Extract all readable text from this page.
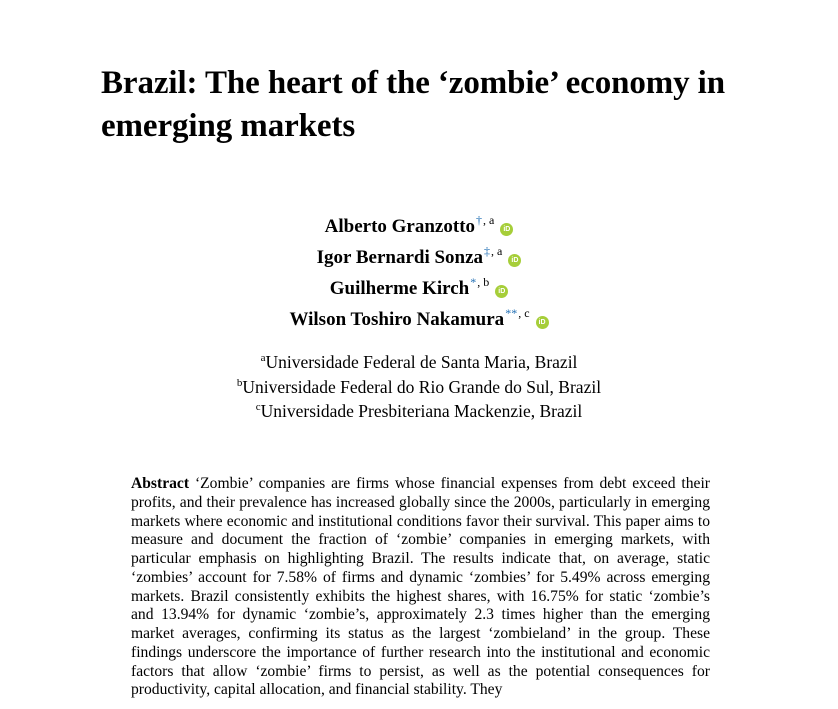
Brazil: The heart of the ‘zombie’ economy in emerging markets
Alberto Granzotto$^{\dagger, a}$iD
Igor Bernardi Sonza$^{\ddagger, a}$iD
Guilherme Kirch$^{*, b}$iD
Wilson Toshiro Nakamura$^{**, c}$iD
$^a$Universidade Federal de Santa Maria, Brazil
$^b$Universidade Federal do Rio Grande do Sul, Brazil
$^c$Universidade Presbiteriana Mackenzie, Brazil

Abstract ‘Zombie’ companies are firms whose financial expenses from debt exceed their profits, and their prevalence has increased globally since the 2000s, particularly in emerging markets where economic and institutional conditions favor their survival. This paper aims to measure and document the fraction of ‘zombie’ companies in emerging markets, with particular emphasis on highlighting Brazil. The results indicate that, on average, static ‘zombies’ account for 7.58% of firms and dynamic ‘zombies’ for 5.49% across emerging markets. Brazil consistently exhibits the highest shares, with 16.75% for static ‘zombie’s and 13.94% for dynamic ‘zombie’s, approximately 2.3 times higher than the emerging market averages, confirming its status as the largest ‘zombieland’ in the group. These findings underscore the importance of further research into the institutional and economic factors that allow ‘zombie’ firms to persist, as well as the potential consequences for productivity, capital allocation, and financial stability. They
